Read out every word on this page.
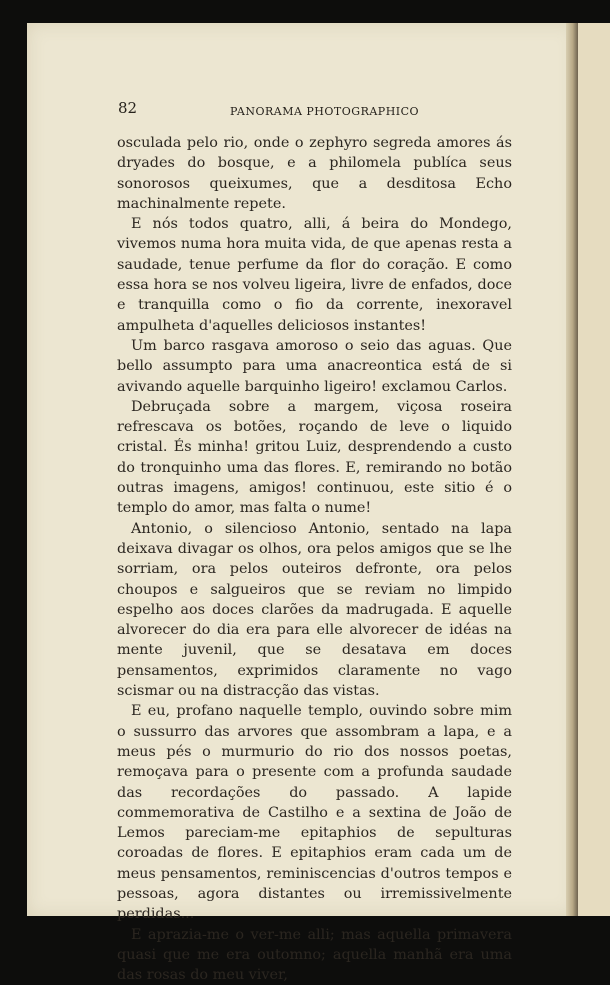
82	PANORAMA PHOTOGRAPHICO

osculada pelo rio, onde o zephyro segreda amores ás dryades do bosque, e a philomela publíca seus sonorosos queixumes, que a desditosa Echo machinalmente repete.

E nós todos quatro, alli, á beira do Mondego, vivemos numa hora muita vida, de que apenas resta a saudade, tenue perfume da flor do coração. E como essa hora se nos volveu ligeira, livre de enfados, doce e tranquilla como o fio da corrente, inexoravel ampulheta d'aquelles deliciosos instantes!

Um barco rasgava amoroso o seio das aguas. Que bello assumpto para uma anacreontica está de si avivando aquelle barquinho ligeiro! exclamou Carlos.

Debruçada sobre a margem, viçosa roseira refrescava os botões, roçando de leve o liquido cristal. És minha! gritou Luiz, desprendendo a custo do tronquinho uma das flores. E, remirando no botão outras imagens, amigos! continuou, este sitio é o templo do amor, mas falta o nume!

Antonio, o silencioso Antonio, sentado na lapa deixava divagar os olhos, ora pelos amigos que se lhe sorriam, ora pelos outeiros defronte, ora pelos choupos e salgueiros que se reviam no limpido espelho aos doces clarões da madrugada. E aquelle alvorecer do dia era para elle alvorecer de idéas na mente juvenil, que se desatava em doces pensamentos, exprimidos claramente no vago scismar ou na distracção das vistas.

E eu, profano naquelle templo, ouvindo sobre mim o sussurro das arvores que assombram a lapa, e a meus pés o murmurio do rio dos nossos poetas, remoçava para o presente com a profunda saudade das recordações do passado. A lapide commemorativa de Castilho e a sextina de João de Lemos pareciam-me epitaphios de sepulturas coroadas de flores. E epitaphios eram cada um de meus pensamentos, reminiscencias d'outros tempos e pessoas, agora distantes ou irremissivelmente perdidas...

E aprazia-me o ver-me alli; mas aquella primavera quasi que me era outomno; aquella manhã era uma das rosas do meu viver,
